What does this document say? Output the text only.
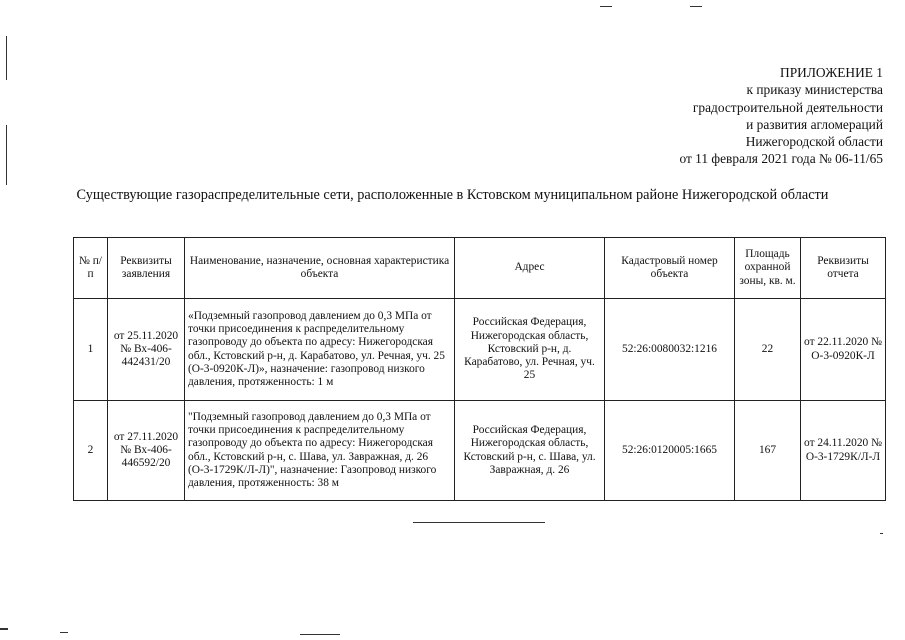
ПРИЛОЖЕНИЕ 1
к приказу министерства
градостроительной деятельности
и развития агломераций
Нижегородской области
от 11 февраля 2021 года № 06-11/65
Существующие газораспределительные сети, расположенные в Кстовском муниципальном районе Нижегородской области
№ п/п	Реквизиты заявления	Наименование, назначение, основная характеристика объекта	Адрес	Кадастровый номер объекта	Площадь охранной зоны, кв. м.	Реквизиты отчета
1	от 25.11.2020 № Вх-406-442431/20	«Подземный газопровод давлением до 0,3 МПа от точки присоединения к распределительному газопроводу до объекта по адресу: Нижегородская обл., Кстовский р-н, д. Карабатово, ул. Речная, уч. 25 (О-3-0920К-Л)», назначение: газопровод низкого давления, протяженность: 1 м	Российская Федерация, Нижегородская область, Кстовский р-н, д. Карабатово, ул. Речная, уч. 25	52:26:0080032:1216	22	от 22.11.2020 № О-3-0920К-Л
2	от 27.11.2020 № Вх-406-446592/20	"Подземный газопровод давлением до 0,3 МПа от точки присоединения к распределительному газопроводу до объекта по адресу: Нижегородская обл., Кстовский р-н, с. Шава, ул. Завражная, д. 26 (О-3-1729К/Л-Л)", назначение: Газопровод низкого давления, протяженность: 38 м	Российская Федерация, Нижегородская область, Кстовский р-н, с. Шава, ул. Завражная, д. 26	52:26:0120005:1665	167	от 24.11.2020 № О-3-1729К/Л-Л
